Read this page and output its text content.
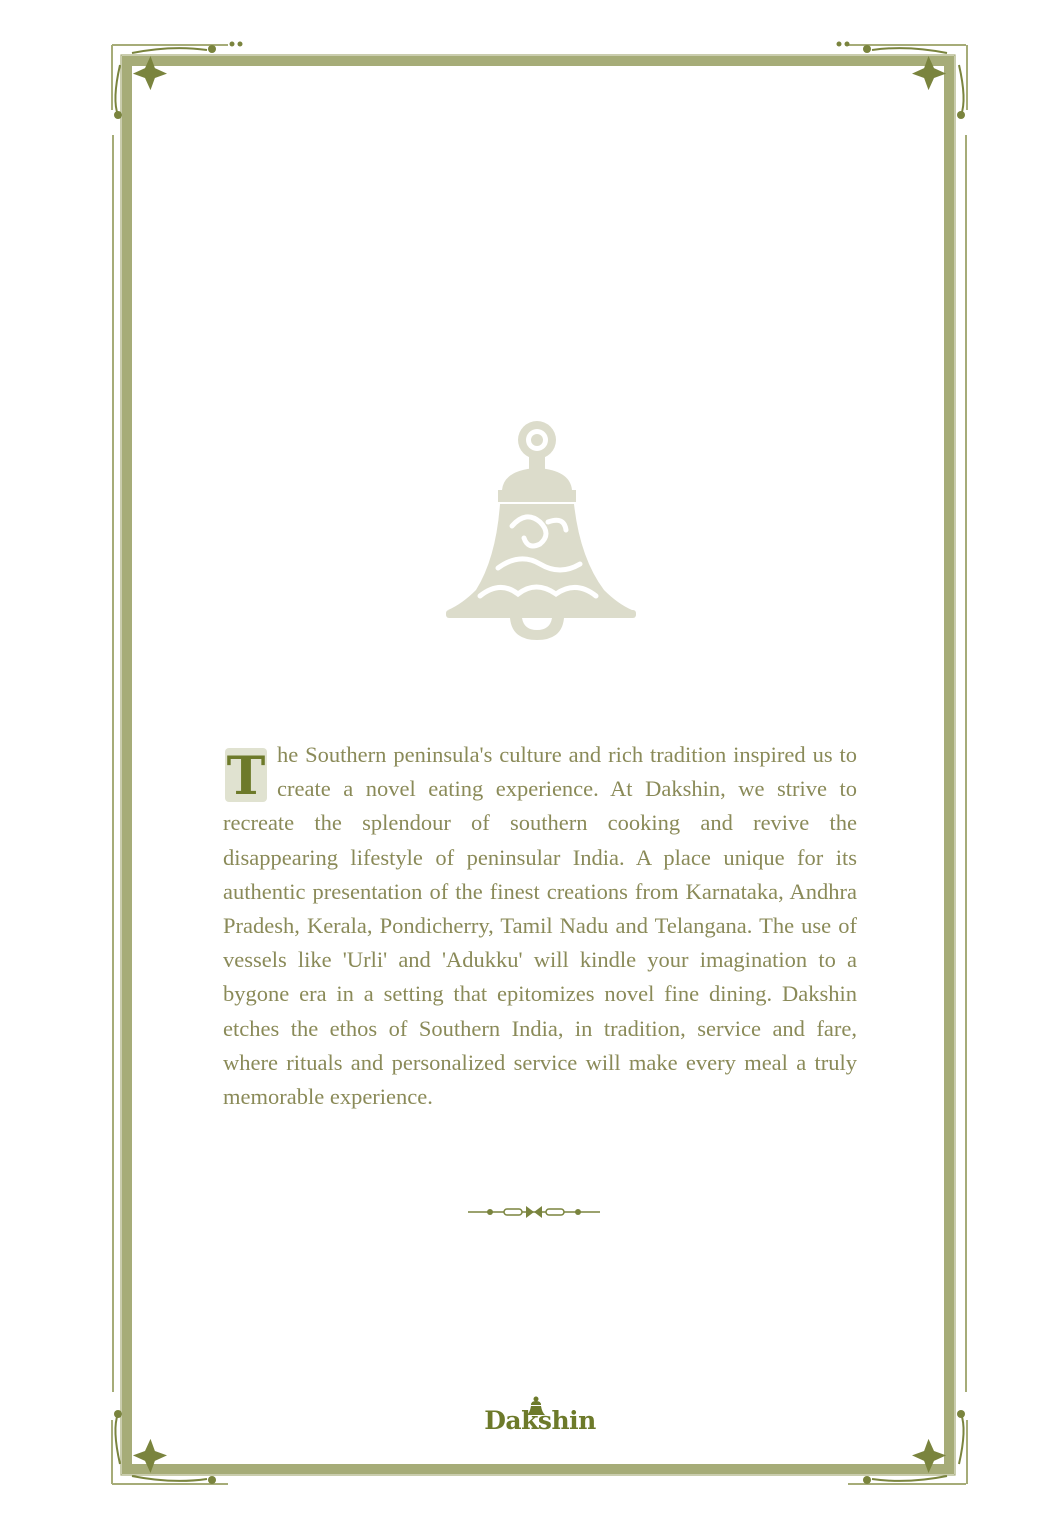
T he Southern peninsula's culture and rich tradition inspired us to create a novel eating experience. At Dakshin, we strive to recreate the splendour of southern cooking and revive the disappearing lifestyle of peninsular India. A place unique for its authentic presentation of the finest creations from Karnataka, Andhra Pradesh, Kerala, Pondicherry, Tamil Nadu and Telangana. The use of vessels like 'Urli' and 'Adukku' will kindle your imagination to a bygone era in a setting that epitomizes novel fine dining. Dakshin etches the ethos of Southern India, in tradition, service and fare, where rituals and personalized service will make every meal a truly memorable experience.

Dakshin
